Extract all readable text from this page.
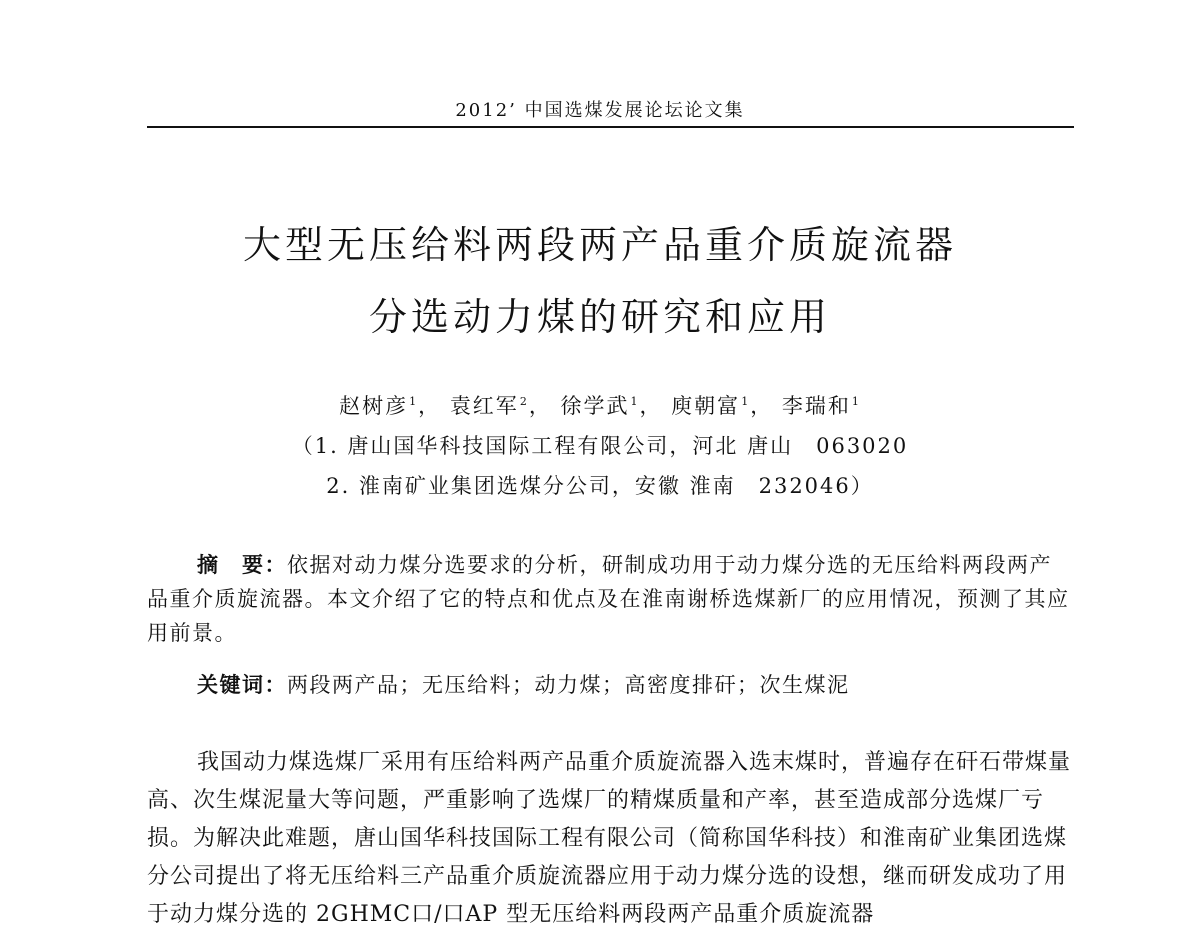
2012’ 中国选煤发展论坛论文集
大型无压给料两段两产品重介质旋流器
分选动力煤的研究和应用
赵树彦$^1$， 袁红军$^2$， 徐学武$^1$， 庾朝富$^1$， 李瑞和$^1$
（1. 唐山国华科技国际工程有限公司，河北 唐山　063020
2. 淮南矿业集团选煤分公司，安徽 淮南　232046）
摘　要：依据对动力煤分选要求的分析，研制成功用于动力煤分选的无压给料两段两产品重介质旋流器。本文介绍了它的特点和优点及在淮南谢桥选煤新厂的应用情况，预测了其应用前景。
关键词：两段两产品；无压给料；动力煤；高密度排矸；次生煤泥
我国动力煤选煤厂采用有压给料两产品重介质旋流器入选末煤时，普遍存在矸石带煤量高、次生煤泥量大等问题，严重影响了选煤厂的精煤质量和产率，甚至造成部分选煤厂亏损。为解决此难题，唐山国华科技国际工程有限公司（简称国华科技）和淮南矿业集团选煤分公司提出了将无压给料三产品重介质旋流器应用于动力煤分选的设想，继而研发成功了用于动力煤分选的 2GHMC口/口AP 型无压给料两段两产品重介质旋流器
